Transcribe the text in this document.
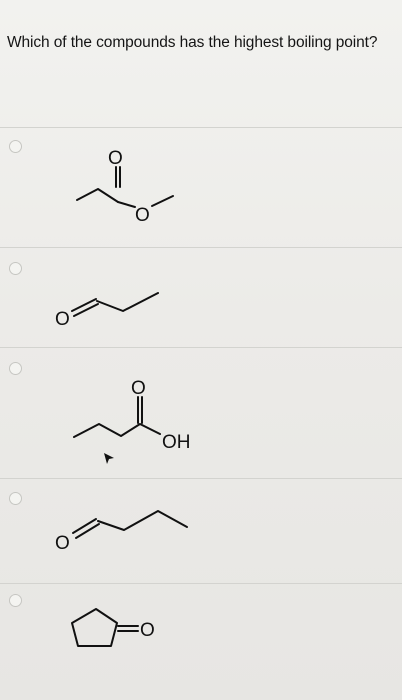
Which of the compounds has the highest boiling point?
O
O
O
O
OH
O
O
